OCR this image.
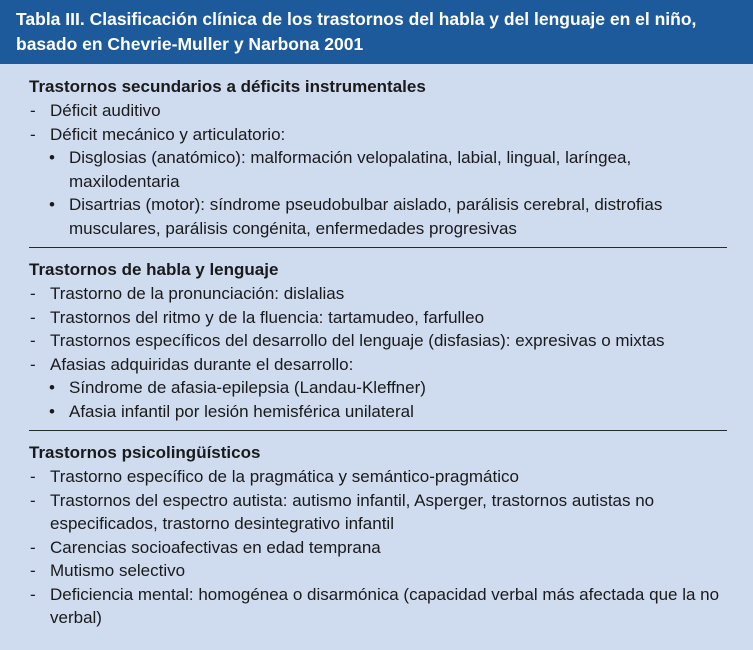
Tabla III. Clasificación clínica de los trastornos del habla y del lenguaje en el niño,
basado en Chevrie-Muller y Narbona 2001

Trastornos secundarios a déficits instrumentales

- Déficit auditivo
- Déficit mecánico y articulatorio:
• Disglosias (anatómico): malformación velopalatina, labial, lingual, laríngea, maxilodentaria
• Disartrias (motor): síndrome pseudobulbar aislado, parálisis cerebral, distrofias musculares, parálisis congénita, enfermedades progresivas

Trastornos de habla y lenguaje

- Trastorno de la pronunciación: dislalias
- Trastornos del ritmo y de la fluencia: tartamudeo, farfulleo
- Trastornos específicos del desarrollo del lenguaje (disfasias): expresivas o mixtas
- Afasias adquiridas durante el desarrollo:
• Síndrome de afasia-epilepsia (Landau-Kleffner)
• Afasia infantil por lesión hemisférica unilateral

Trastornos psicolingüísticos

- Trastorno específico de la pragmática y semántico-pragmático
- Trastornos del espectro autista: autismo infantil, Asperger, trastornos autistas no especificados, trastorno desintegrativo infantil
- Carencias socioafectivas en edad temprana
- Mutismo selectivo
- Deficiencia mental: homogénea o disarmónica (capacidad verbal más afectada que la no verbal)
